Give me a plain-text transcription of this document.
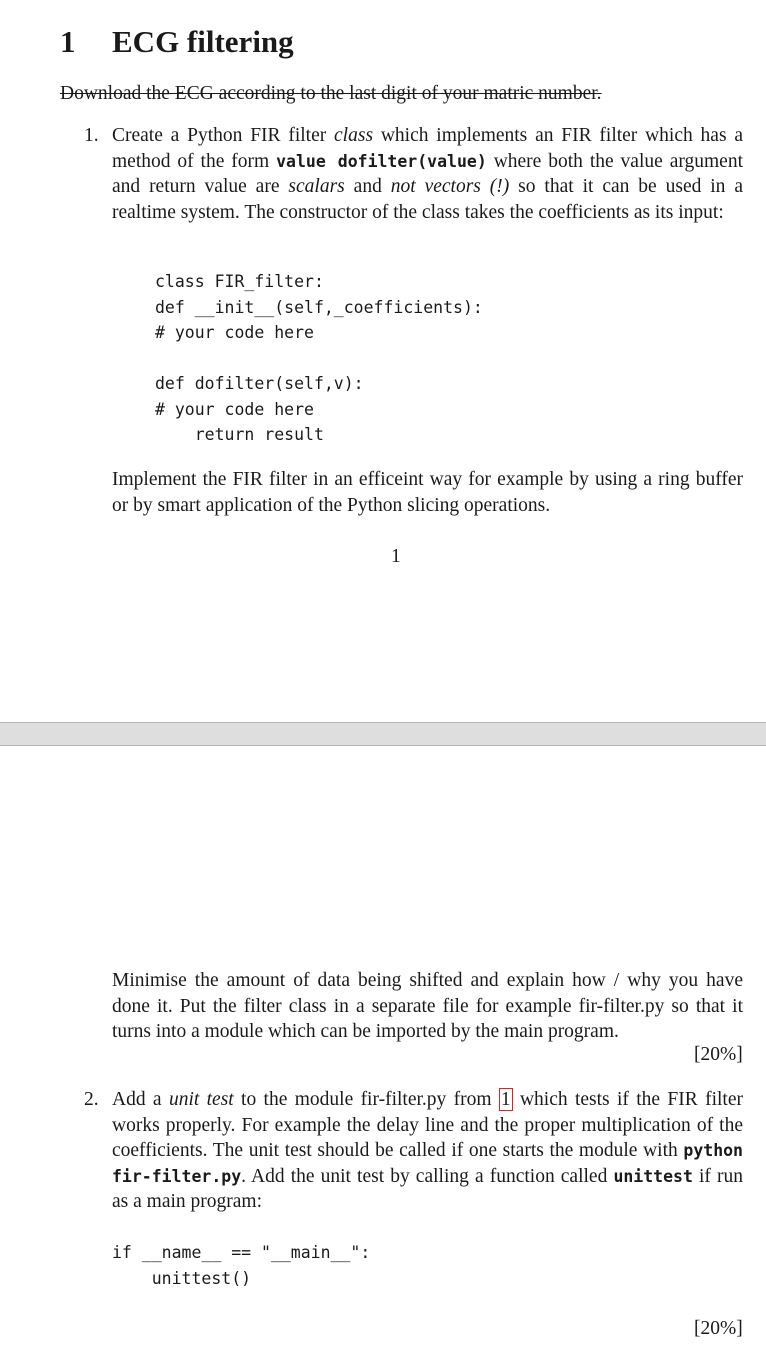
1 ECG filtering

Download the ECG according to the last digit of your matric number.

1. Create a Python FIR filter class which implements an FIR filter which has a method of the form value dofilter(value) where both the value argument and return value are scalars and not vectors (!) so that it can be used in a realtime system. The constructor of the class takes the coefficients as its input:

class FIR_filter:
def __init__(self,_coefficients):
# your code here

def dofilter(self,v):
# your code here
return result

Implement the FIR filter in an efficeint way for example by using a ring buffer or by smart application of the Python slicing operations.

1

Minimise the amount of data being shifted and explain how / why you have done it. Put the filter class in a separate file for example fir-filter.py so that it turns into a module which can be imported by the main program.

[20%]
2. Add a unit test to the module fir-filter.py from 1 which tests if the FIR filter works properly. For example the delay line and the proper multiplication of the coefficients. The unit test should be called if one starts the module with python fir-filter.py. Add the unit test by calling a function called unittest if run as a main program:

if __name__ == "__main__":
unittest()
[20%]
